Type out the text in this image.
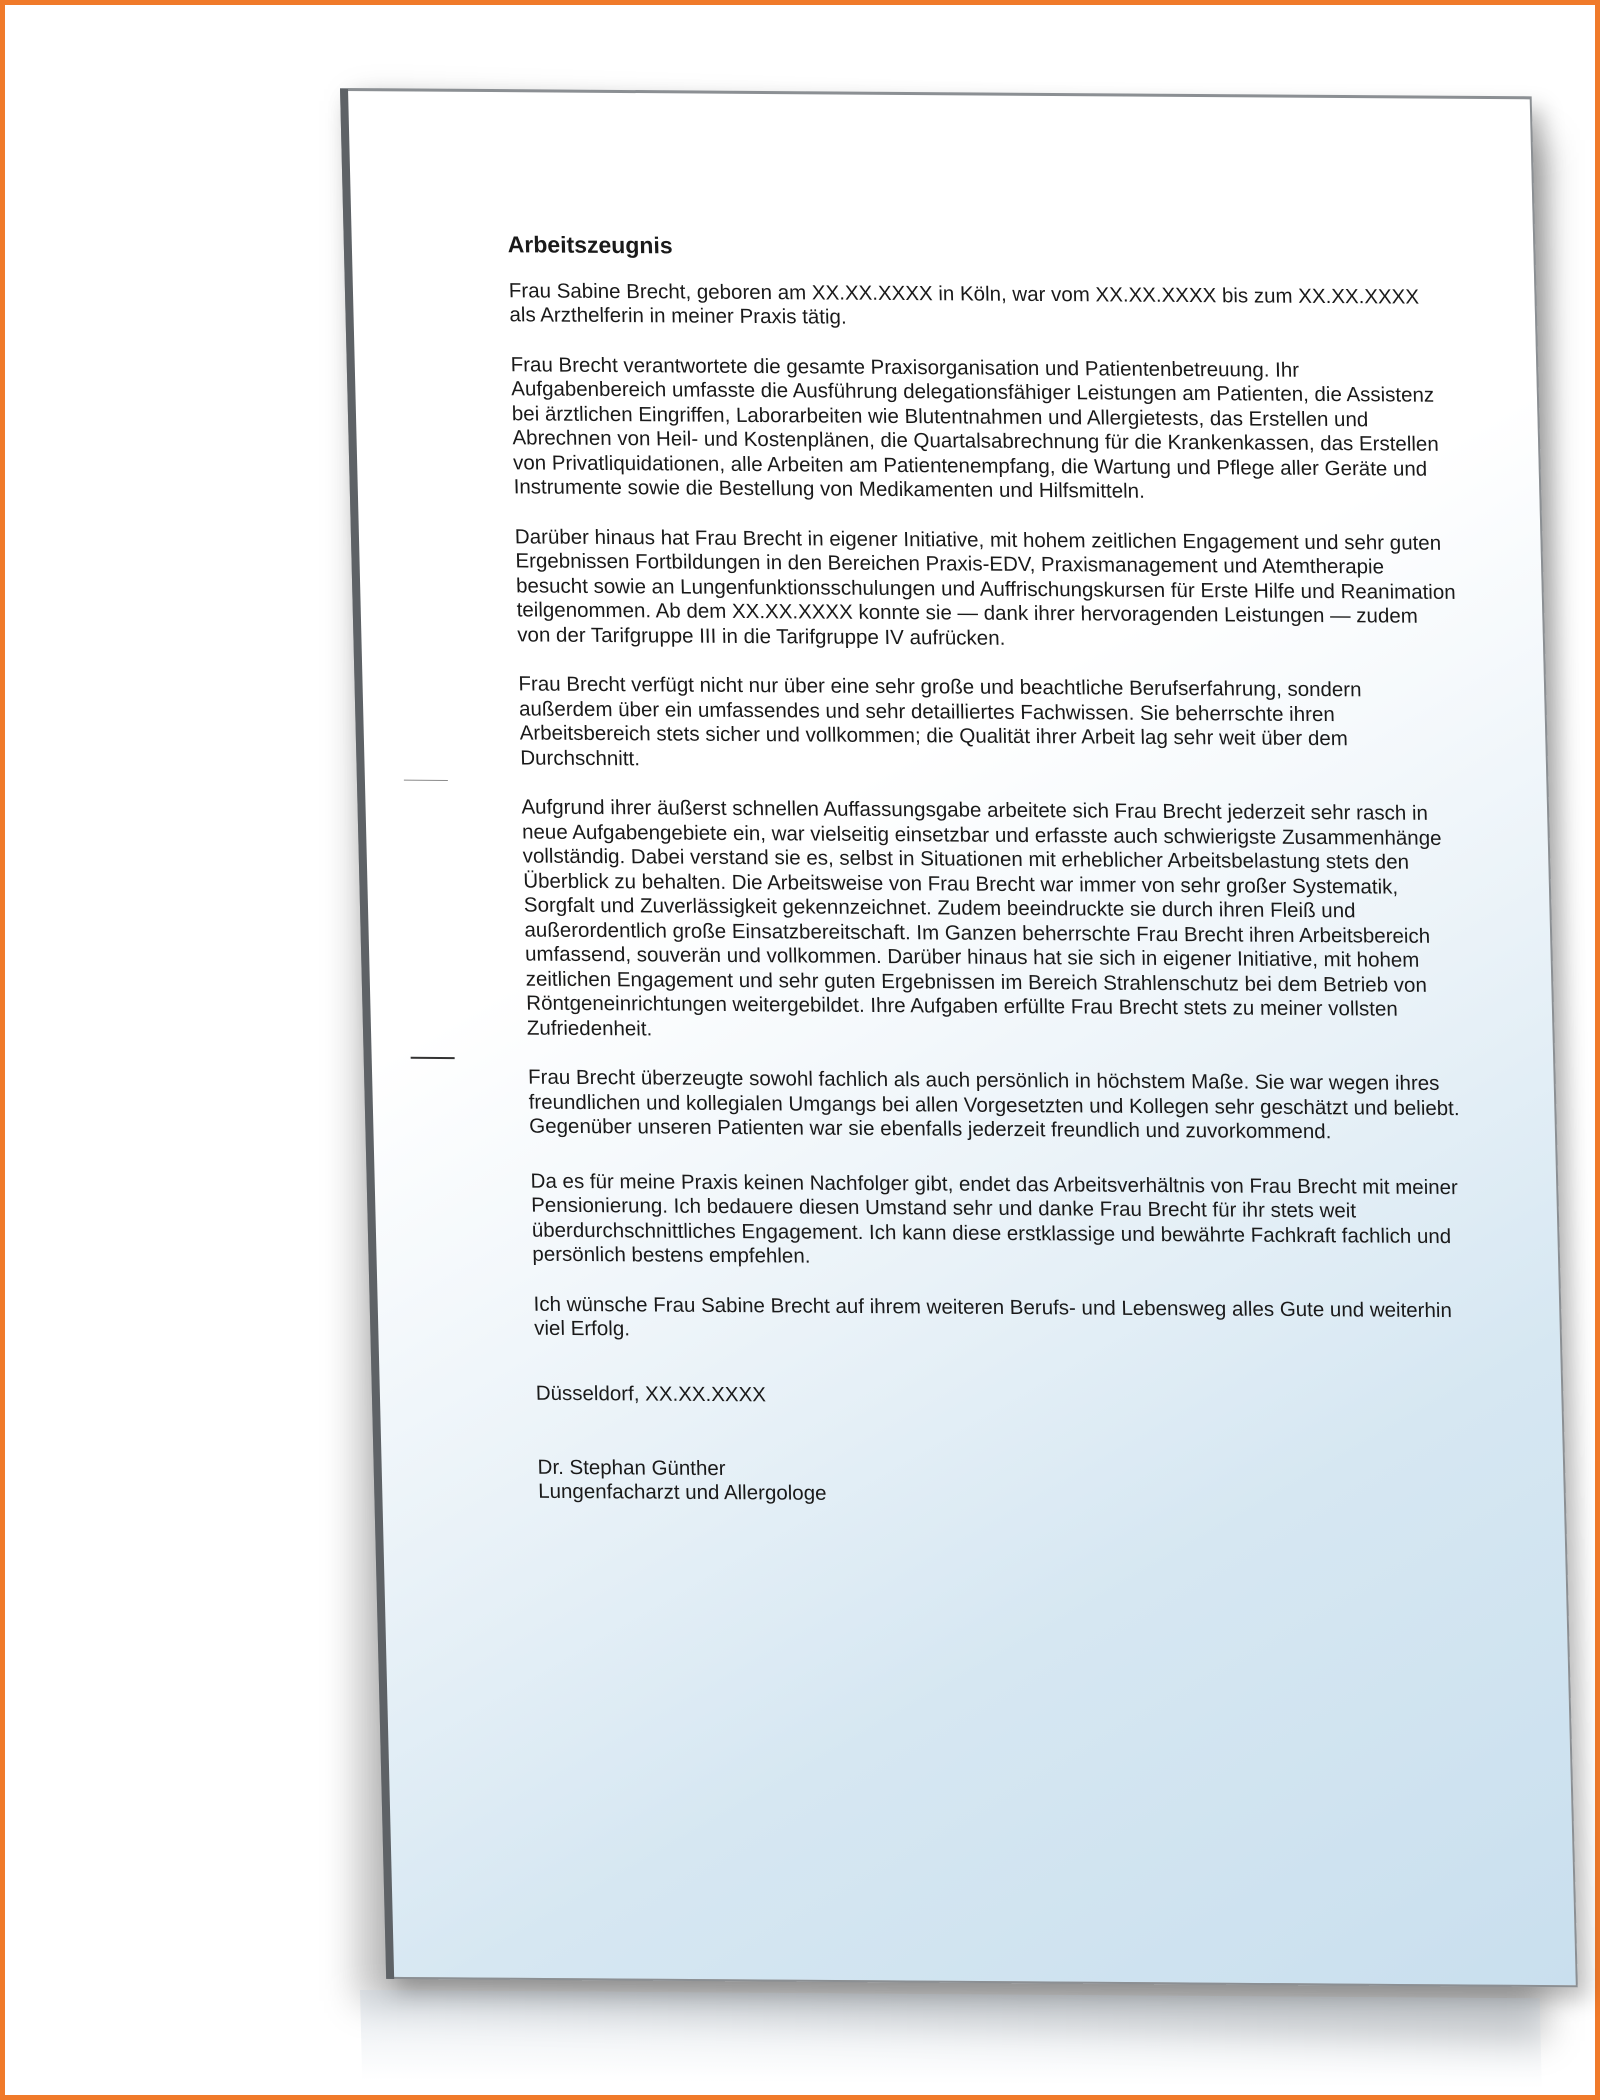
Arbeitszeugnis

Frau Sabine Brecht, geboren am XX.XX.XXXX in Köln, war vom XX.XX.XXXX bis zum XX.XX.XXXX als Arzthelferin in meiner Praxis tätig.

Frau Brecht verantwortete die gesamte Praxisorganisation und Patientenbetreuung. Ihr Aufgabenbereich umfasste die Ausführung delegationsfähiger Leistungen am Patienten, die Assistenz bei ärztlichen Eingriffen, Laborarbeiten wie Blutentnahmen und Allergietests, das Erstellen und Abrechnen von Heil- und Kostenplänen, die Quartalsabrechnung für die Krankenkassen, das Erstellen von Privatliquidationen, alle Arbeiten am Patientenempfang, die Wartung und Pflege aller Geräte und Instrumente sowie die Bestellung von Medikamenten und Hilfsmitteln.

Darüber hinaus hat Frau Brecht in eigener Initiative, mit hohem zeitlichen Engagement und sehr guten Ergebnissen Fortbildungen in den Bereichen Praxis-EDV, Praxismanagement und Atemtherapie besucht sowie an Lungenfunktionsschulungen und Auffrischungskursen für Erste Hilfe und Reanimation teilgenommen. Ab dem XX.XX.XXXX konnte sie — dank ihrer hervoragenden Leistungen — zudem von der Tarifgruppe III in die Tarifgruppe IV aufrücken.

Frau Brecht verfügt nicht nur über eine sehr große und beachtliche Berufserfahrung, sondern außerdem über ein umfassendes und sehr detailliertes Fachwissen. Sie beherrschte ihren Arbeitsbereich stets sicher und vollkommen; die Qualität ihrer Arbeit lag sehr weit über dem Durchschnitt.

Aufgrund ihrer äußerst schnellen Auffassungsgabe arbeitete sich Frau Brecht jederzeit sehr rasch in neue Aufgabengebiete ein, war vielseitig einsetzbar und erfasste auch schwierigste Zusammenhänge vollständig. Dabei verstand sie es, selbst in Situationen mit erheblicher Arbeitsbelastung stets den Überblick zu behalten. Die Arbeitsweise von Frau Brecht war immer von sehr großer Systematik, Sorgfalt und Zuverlässigkeit gekennzeichnet. Zudem beeindruckte sie durch ihren Fleiß und außerordentlich große Einsatzbereitschaft. Im Ganzen beherrschte Frau Brecht ihren Arbeitsbereich umfassend, souverän und vollkommen. Darüber hinaus hat sie sich in eigener Initiative, mit hohem zeitlichen Engagement und sehr guten Ergebnissen im Bereich Strahlenschutz bei dem Betrieb von Röntgeneinrichtungen weitergebildet. Ihre Aufgaben erfüllte Frau Brecht stets zu meiner vollsten Zufriedenheit.

Frau Brecht überzeugte sowohl fachlich als auch persönlich in höchstem Maße. Sie war wegen ihres freundlichen und kollegialen Umgangs bei allen Vorgesetzten und Kollegen sehr geschätzt und beliebt. Gegenüber unseren Patienten war sie ebenfalls jederzeit freundlich und zuvorkommend.

Da es für meine Praxis keinen Nachfolger gibt, endet das Arbeitsverhältnis von Frau Brecht mit meiner Pensionierung. Ich bedauere diesen Umstand sehr und danke Frau Brecht für ihr stets weit überdurchschnittliches Engagement. Ich kann diese erstklassige und bewährte Fachkraft fachlich und persönlich bestens empfehlen.

Ich wünsche Frau Sabine Brecht auf ihrem weiteren Berufs- und Lebensweg alles Gute und weiterhin viel Erfolg.

Düsseldorf, XX.XX.XXXX
Dr. Stephan Günther
Lungenfacharzt und Allergologe
